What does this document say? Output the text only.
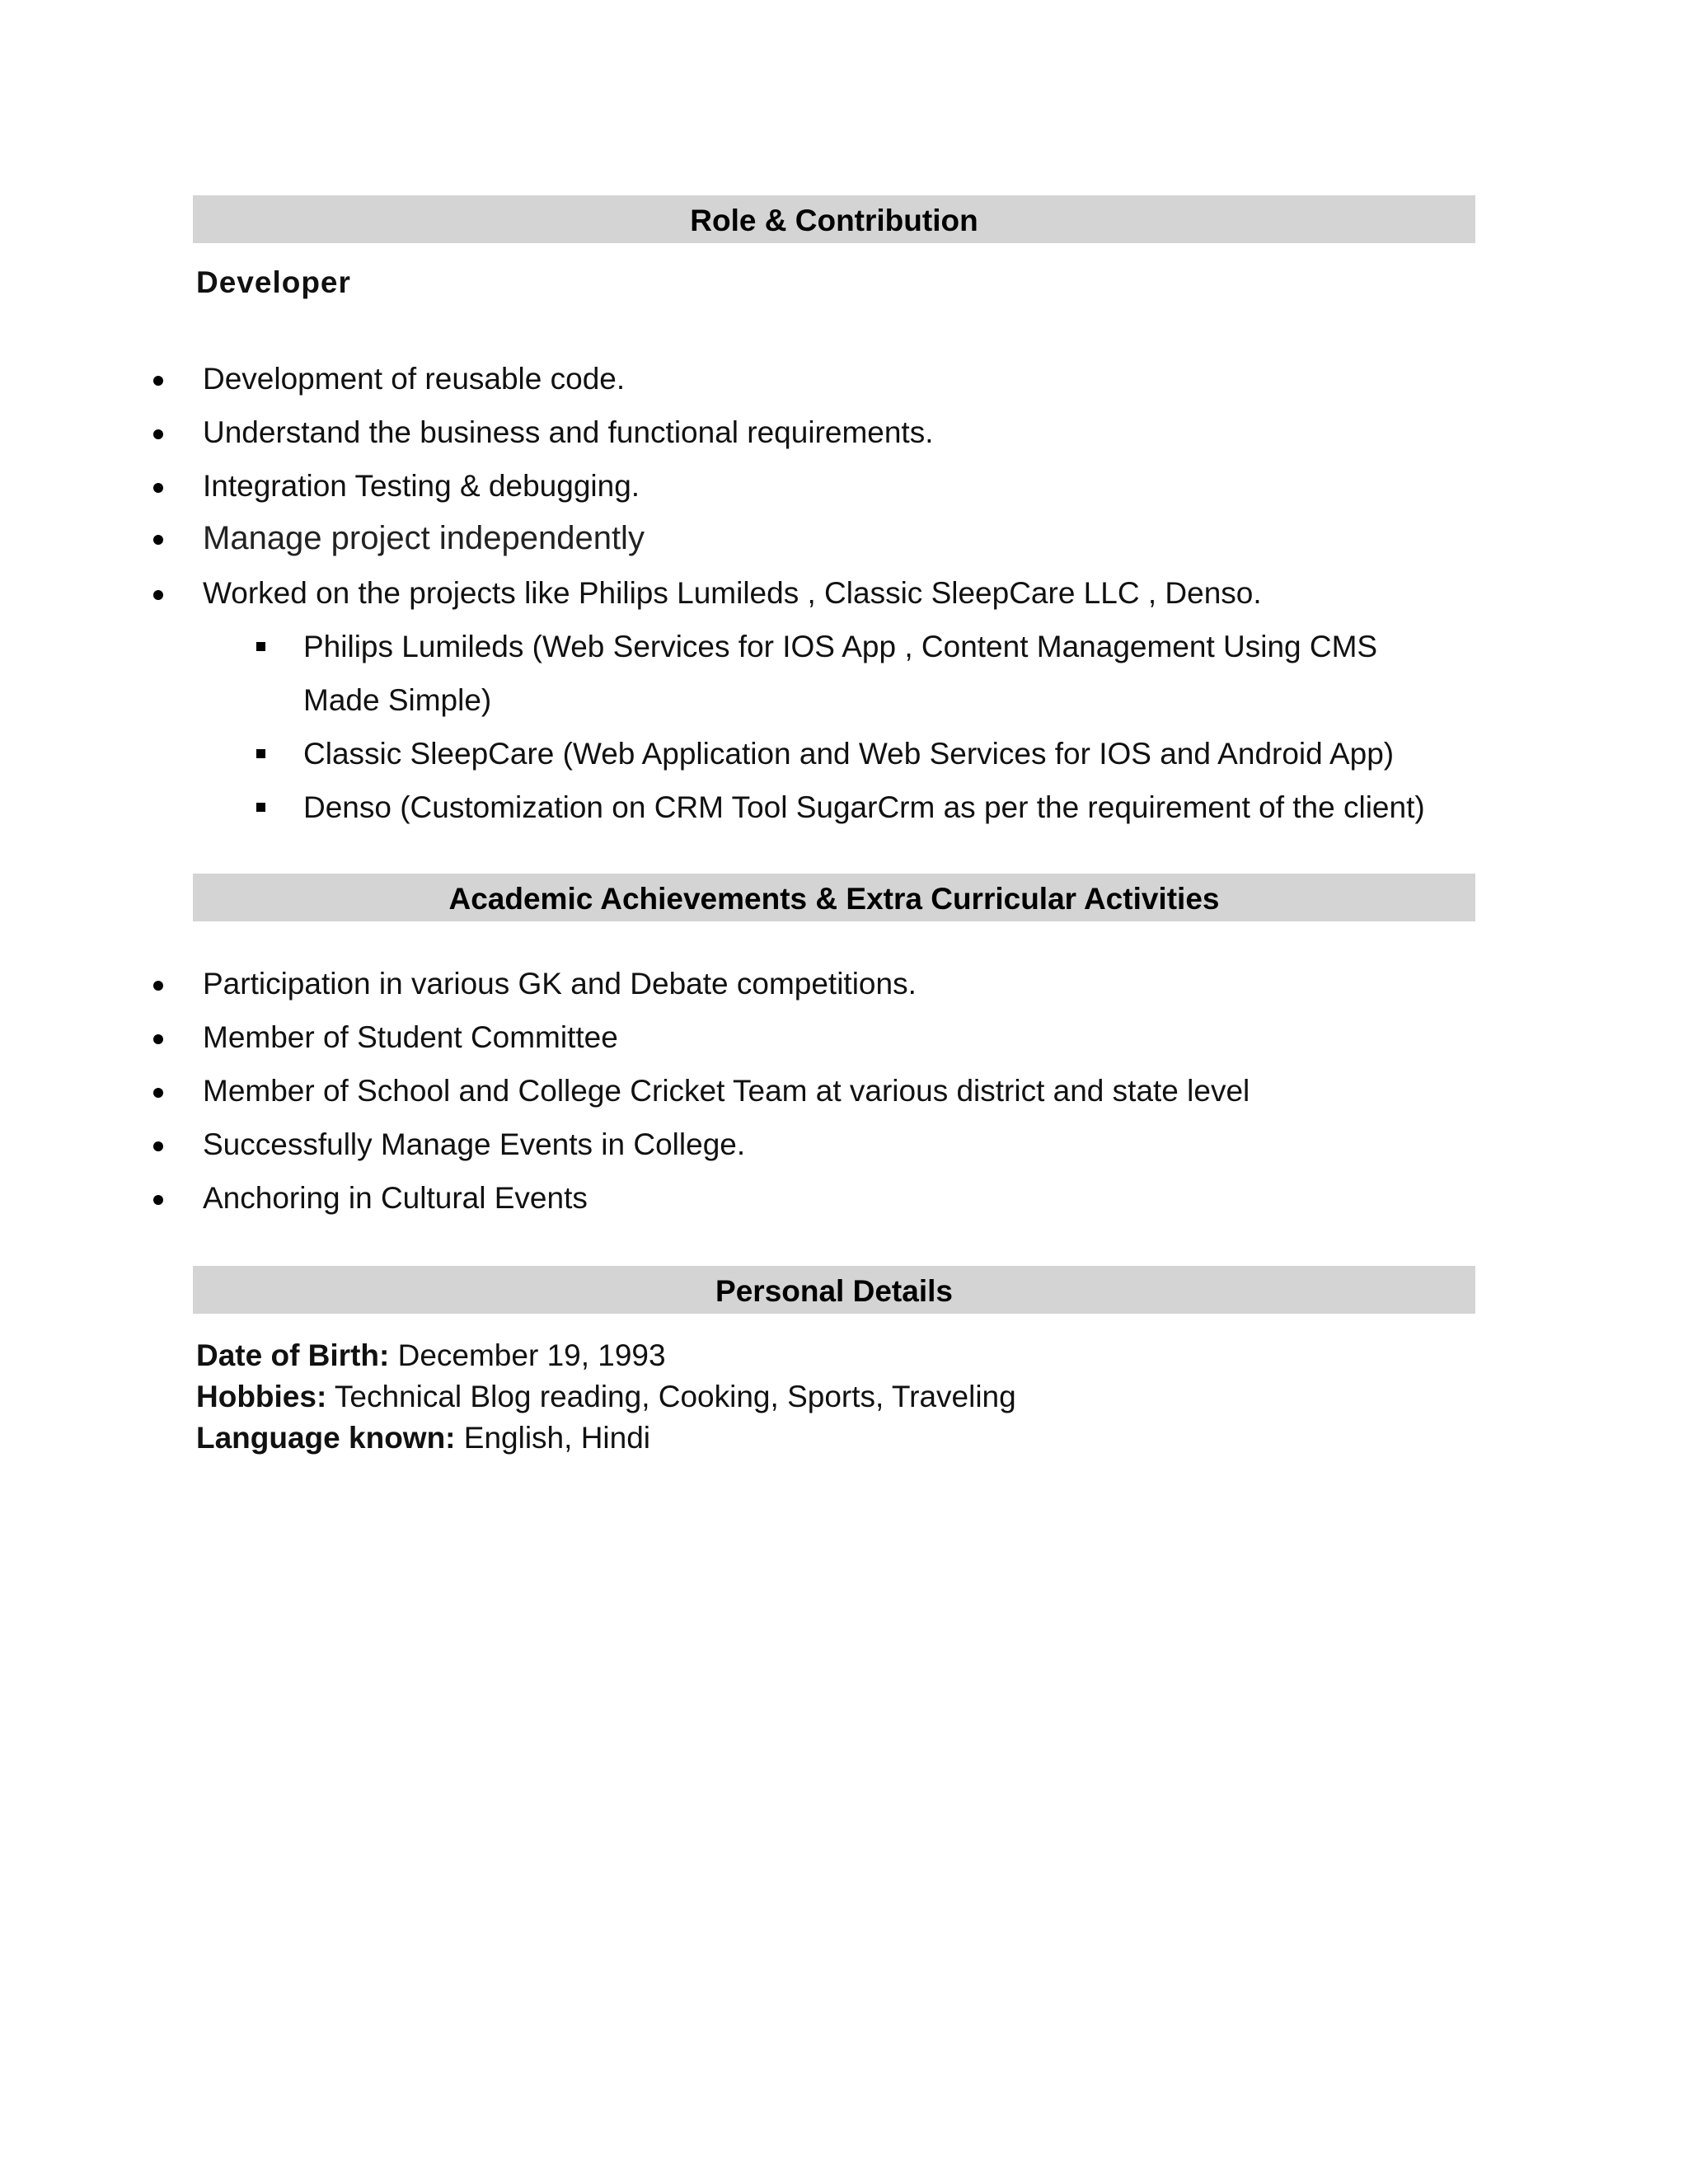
Role & Contribution
Developer
Development of reusable code.
Understand the business and functional requirements.
Integration Testing & debugging.
Manage project independently
Worked on the projects like Philips Lumileds , Classic SleepCare LLC , Denso.
Philips Lumileds (Web Services for IOS App , Content Management Using CMS
Made Simple)
Classic SleepCare (Web Application and Web Services for IOS and Android App)
Denso (Customization on CRM Tool SugarCrm as per the requirement of the client)
Academic Achievements & Extra Curricular Activities
Participation in various GK and Debate competitions.
Member of Student Committee
Member of School and College Cricket Team at various district and state level
Successfully Manage Events in College.
Anchoring in Cultural Events
Personal Details
Date of Birth: December 19, 1993
Hobbies: Technical Blog reading, Cooking, Sports, Traveling
Language known: English, Hindi
